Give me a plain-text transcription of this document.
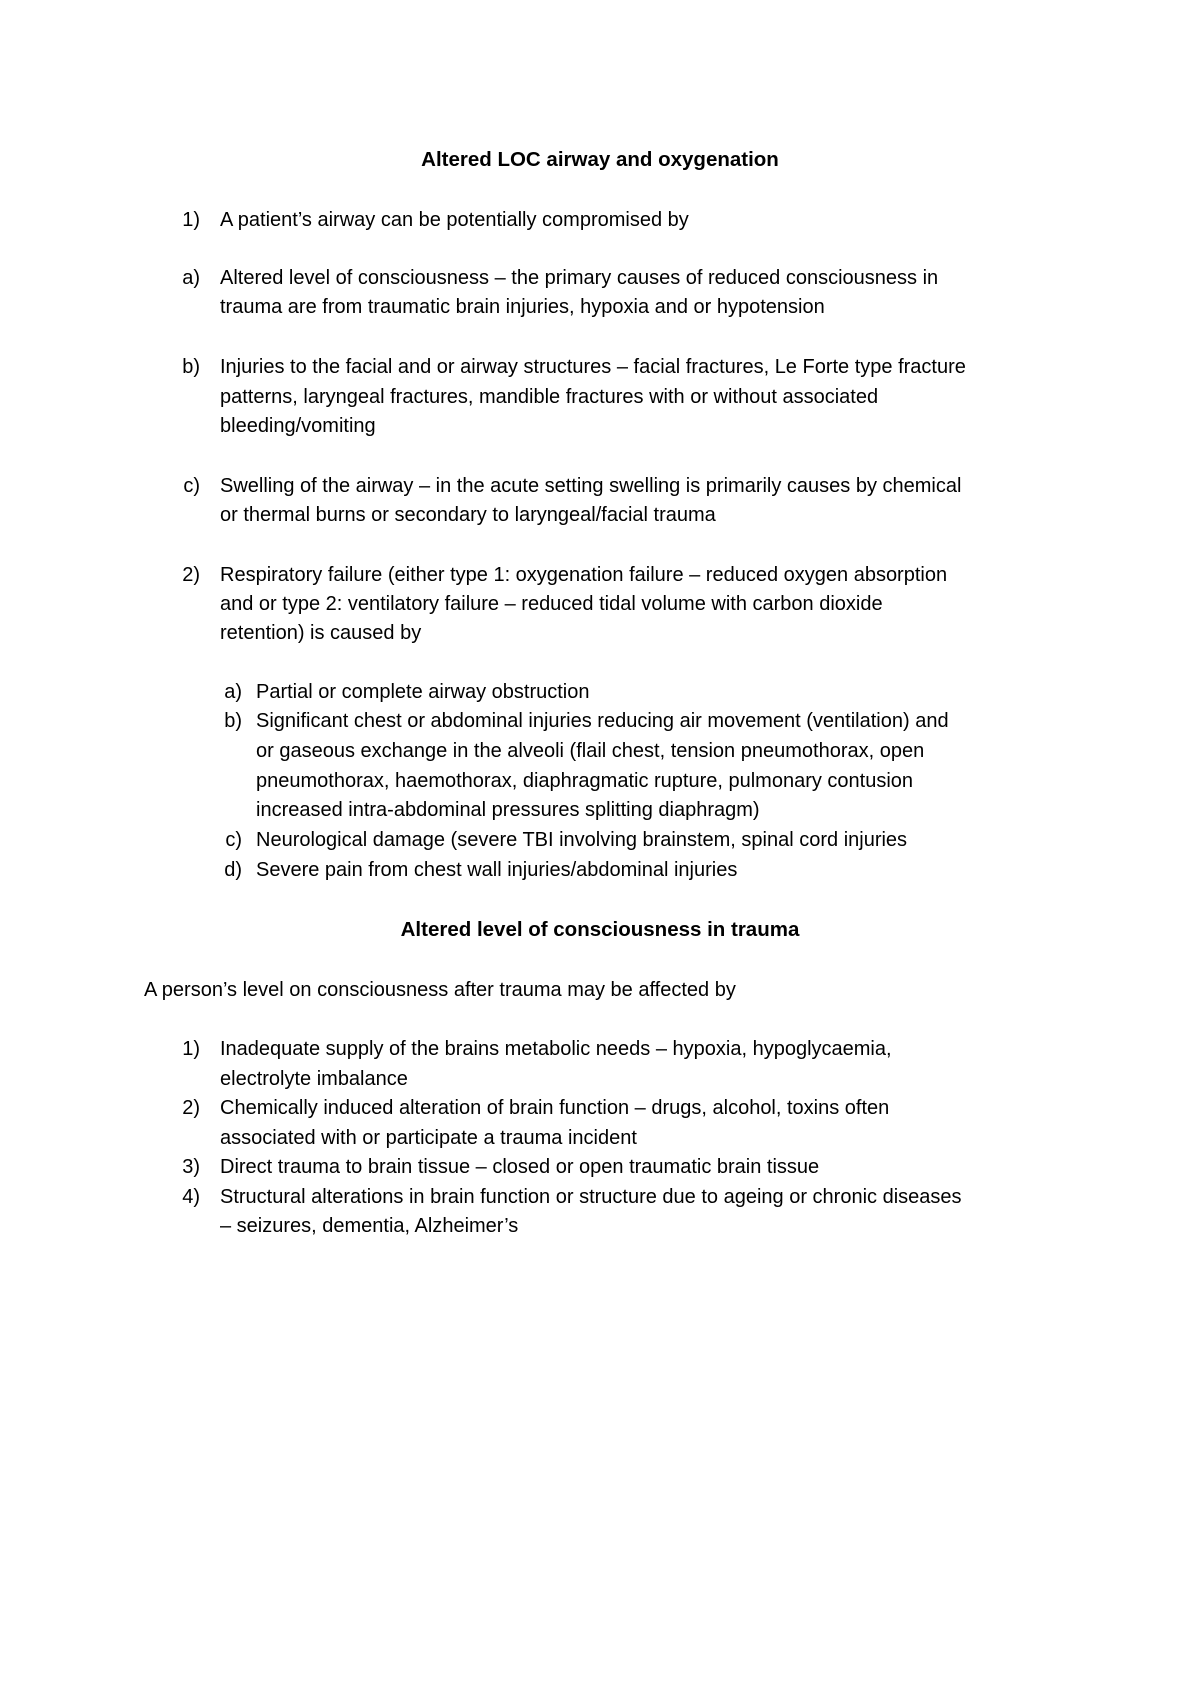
Altered LOC airway and oxygenation
1) A patient’s airway can be potentially compromised by
a) Altered level of consciousness – the primary causes of reduced consciousness in
trauma are from traumatic brain injuries, hypoxia and or hypotension
b) Injuries to the facial and or airway structures – facial fractures, Le Forte type fracture
patterns, laryngeal fractures, mandible fractures with or without associated
bleeding/vomiting
c) Swelling of the airway – in the acute setting swelling is primarily causes by chemical
or thermal burns or secondary to laryngeal/facial trauma
2) Respiratory failure (either type 1: oxygenation failure – reduced oxygen absorption
and or type 2: ventilatory failure – reduced tidal volume with carbon dioxide
retention) is caused by
a) Partial or complete airway obstruction
b) Significant chest or abdominal injuries reducing air movement (ventilation) and
or gaseous exchange in the alveoli (flail chest, tension pneumothorax, open
pneumothorax, haemothorax, diaphragmatic rupture, pulmonary contusion
increased intra-abdominal pressures splitting diaphragm)
c) Neurological damage (severe TBI involving brainstem, spinal cord injuries
d) Severe pain from chest wall injuries/abdominal injuries
Altered level of consciousness in trauma
A person’s level on consciousness after trauma may be affected by
1) Inadequate supply of the brains metabolic needs – hypoxia, hypoglycaemia,
electrolyte imbalance
2) Chemically induced alteration of brain function – drugs, alcohol, toxins often
associated with or participate a trauma incident
3) Direct trauma to brain tissue – closed or open traumatic brain tissue
4) Structural alterations in brain function or structure due to ageing or chronic diseases
– seizures, dementia, Alzheimer’s
